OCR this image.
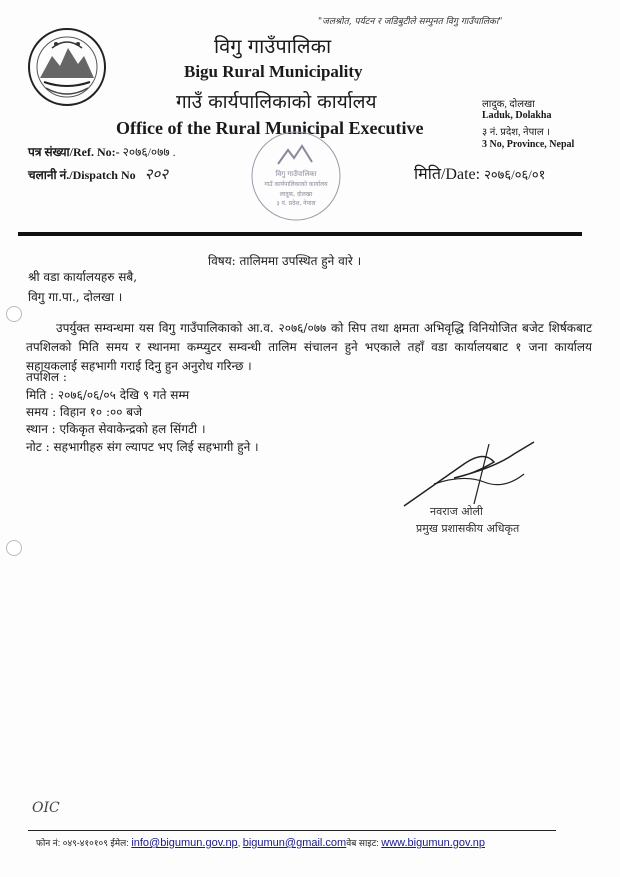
"जलश्रोत, पर्यटन र जडिबुटीले सम्पुनत विगु गाउँपालिका"
विगु गाउँपालिका
Bigu Rural Municipality
गाउँ कार्यपालिकाको कार्यालय
Office of the Rural Municipal Executive
लादुक, दोलखा
Laduk, Dolakha
३ नं. प्रदेश, नेपाल ।
3 No, Province, Nepal
पत्र संख्या/Ref. No:- २०७६/०७७ .
चलानी नं./Dispatch No २०२	मिति/Date: २०७६/०६/०१
विगु गाउँपालिका
गाउँ कार्यपालिकाको कार्यालय
लादुक, दोलखा
३ नं. प्रदेश, नेपाल
विषय: तालिममा उपस्थित हुने वारे ।
श्री वडा कार्यालयहरु सबै,
विगु गा.पा., दोलखा ।

उपर्युक्त सम्वन्धमा यस विगु गाउँपालिकाको आ.व. २०७६/०७७ को सिप तथा क्षमता अभिवृद्धि विनियोजित बजेट शिर्षकबाट तपशिलको मिति समय र स्थानमा कम्प्युटर सम्वन्धी तालिम संचालन हुने भएकाले तहाँ वडा कार्यालयबाट १ जना कार्यालय सहायकलाई सहभागी गराई दिनु हुन अनुरोध गरिन्छ ।

तपशिल :
मिति : २०७६/०६/०५ देखि ९ गते सम्म
समय : विहान १० :०० बजे
स्थान : एकिकृत सेवाकेन्द्रको हल सिंगटी ।
नोट : सहभागीहरु संग ल्यापट भए लिई सहभागी हुने ।
नवराज ओली
प्रमुख प्रशासकीय अधिकृत
OIC
फोन नं: ०४९-४१०१०९ ईमेल: info@bigumun.gov.np, bigumun@gmail.comवेब साइट: www.bigumun.gov.np
